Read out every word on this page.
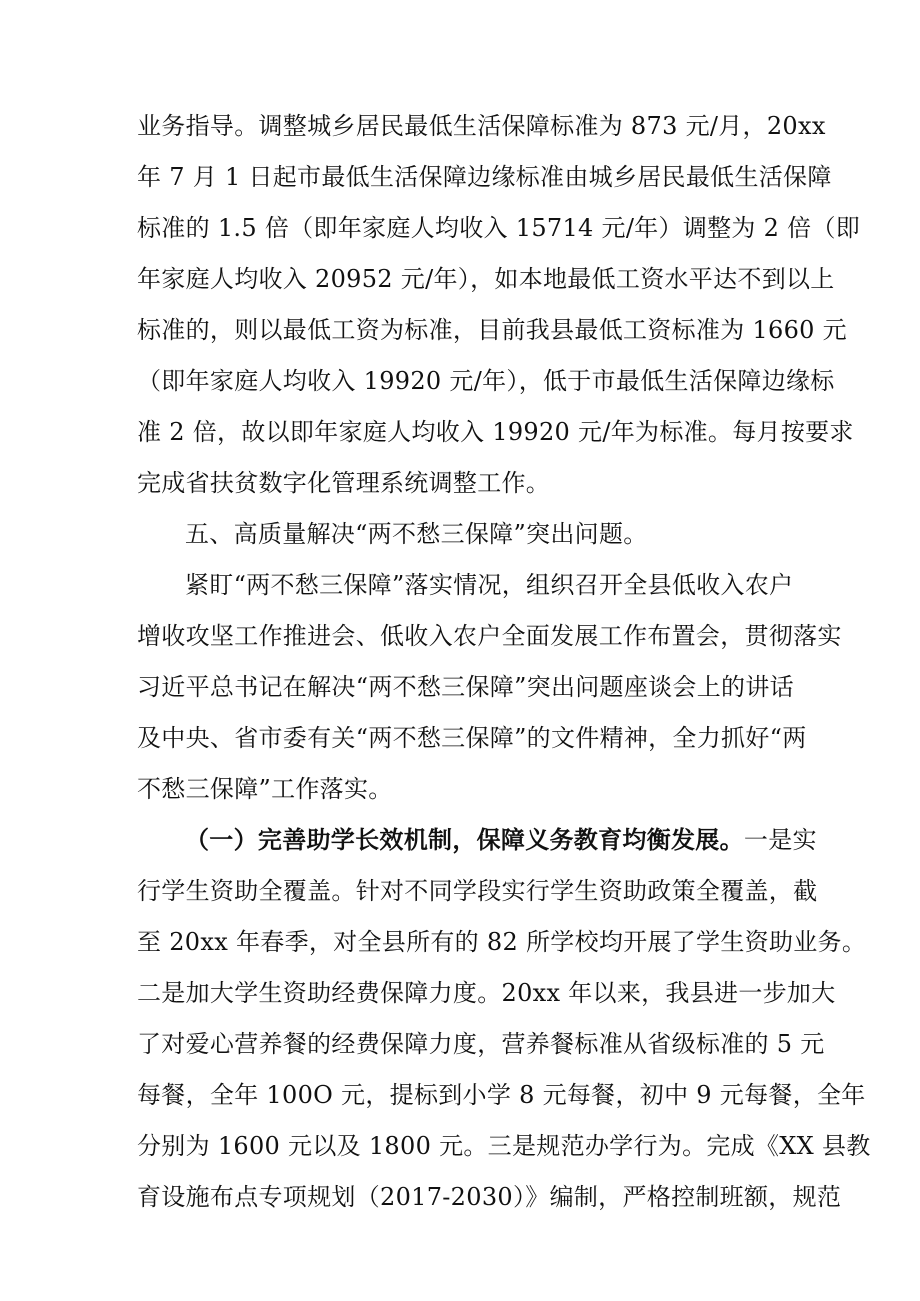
业务指导。调整城乡居民最低生活保障标准为 873 元/月，20xx
年 7 月 1 日起市最低生活保障边缘标准由城乡居民最低生活保障
标准的 1.5 倍（即年家庭人均收入 15714 元/年）调整为 2 倍（即
年家庭人均收入 20952 元/年），如本地最低工资水平达不到以上
标准的，则以最低工资为标准，目前我县最低工资标准为 1660 元
（即年家庭人均收入 19920 元/年），低于市最低生活保障边缘标
准 2 倍，故以即年家庭人均收入 19920 元/年为标准。每月按要求
完成省扶贫数字化管理系统调整工作。
五、高质量解决“两不愁三保障”突出问题。
紧盯“两不愁三保障”落实情况，组织召开全县低收入农户
增收攻坚工作推进会、低收入农户全面发展工作布置会，贯彻落实
习近平总书记在解决“两不愁三保障”突出问题座谈会上的讲话
及中央、省市委有关“两不愁三保障”的文件精神，全力抓好“两
不愁三保障”工作落实。
（一）完善助学长效机制，保障义务教育均衡发展。一是实
行学生资助全覆盖。针对不同学段实行学生资助政策全覆盖，截
至 20xx 年春季，对全县所有的 82 所学校均开展了学生资助业务。
二是加大学生资助经费保障力度。20xx 年以来，我县进一步加大
了对爱心营养餐的经费保障力度，营养餐标准从省级标准的 5 元
每餐，全年 100O 元，提标到小学 8 元每餐，初中 9 元每餐，全年
分别为 1600 元以及 1800 元。三是规范办学行为。完成《XX 县教
育设施布点专项规划（2017-2030）》编制，严格控制班额，规范
